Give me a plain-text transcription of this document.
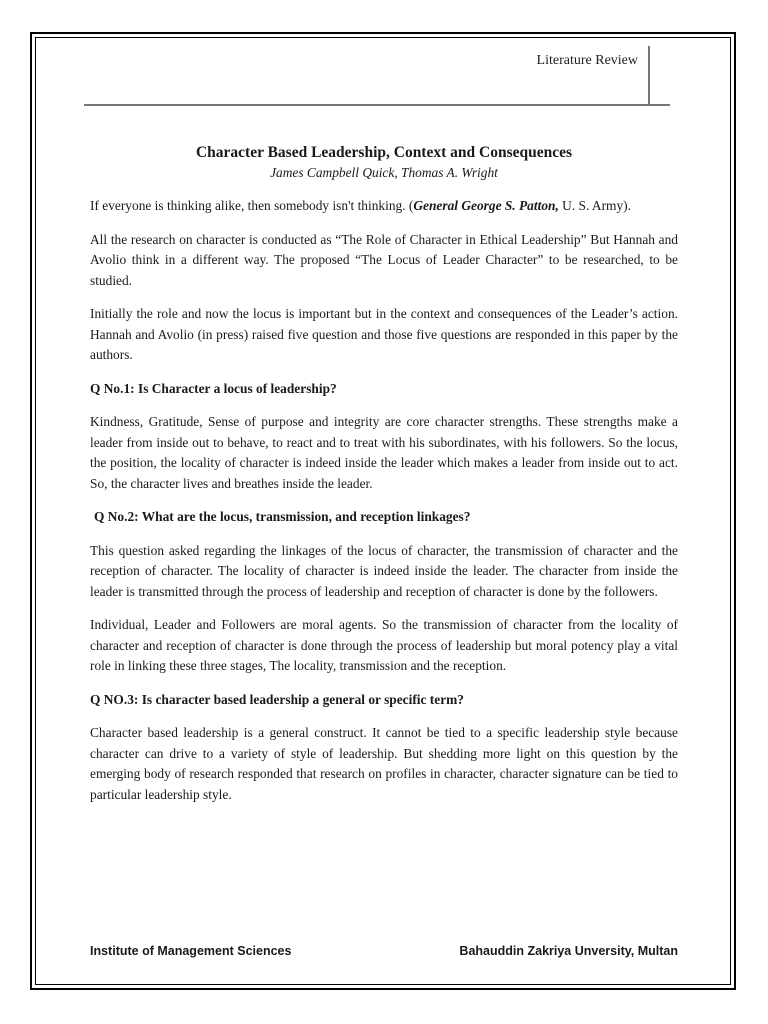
Literature Review
Character Based Leadership, Context and Consequences
James Campbell Quick, Thomas A. Wright

If everyone is thinking alike, then somebody isn't thinking. (General George S. Patton, U. S. Army).

All the research on character is conducted as “The Role of Character in Ethical Leadership” But Hannah and Avolio think in a different way. The proposed “The Locus of Leader Character” to be researched, to be studied.

Initially the role and now the locus is important but in the context and consequences of the Leader’s action. Hannah and Avolio (in press) raised five question and those five questions are responded in this paper by the authors.

Q No.1: Is Character a locus of leadership?

Kindness, Gratitude, Sense of purpose and integrity are core character strengths. These strengths make a leader from inside out to behave, to react and to treat with his subordinates, with his followers. So the locus, the position, the locality of character is indeed inside the leader which makes a leader from inside out to act. So, the character lives and breathes inside the leader.

Q No.2: What are the locus, transmission, and reception linkages?

This question asked regarding the linkages of the locus of character, the transmission of character and the reception of character. The locality of character is indeed inside the leader. The character from inside the leader is transmitted through the process of leadership and reception of character is done by the followers.

Individual, Leader and Followers are moral agents. So the transmission of character from the locality of character and reception of character is done through the process of leadership but moral potency play a vital role in linking these three stages, The locality, transmission and the reception.

Q NO.3: Is character based leadership a general or specific term?

Character based leadership is a general construct. It cannot be tied to a specific leadership style because character can drive to a variety of style of leadership. But shedding more light on this question by the emerging body of research responded that research on profiles in character, character signature can be tied to particular leadership style.

Institute of Management Sciences	Bahauddin Zakriya Unversity, Multan
